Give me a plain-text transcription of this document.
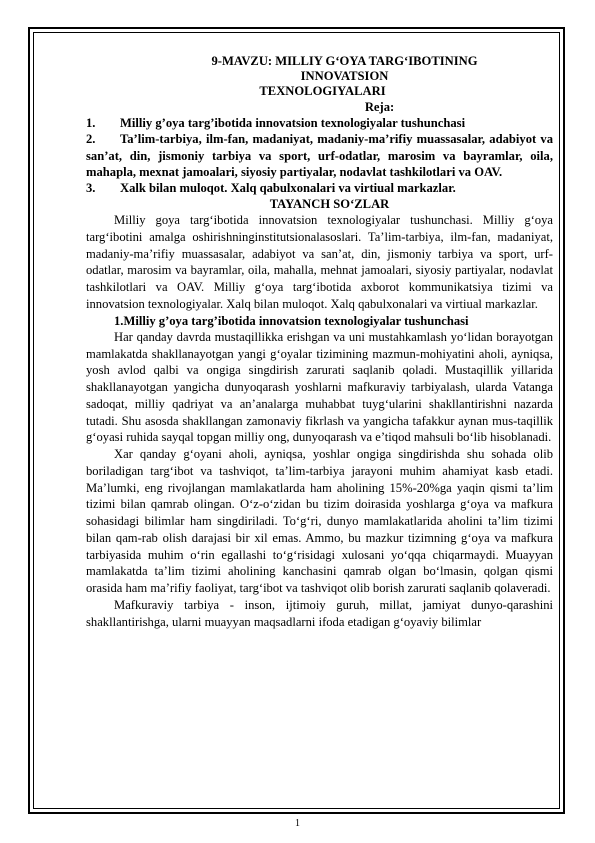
9-MAVZU: MILLIY G‘OYA TARG‘IBOTINING
INNOVATSION
TEXNOLOGIYALARI
Reja:
1.	Milliy g’oya targ’ibotida innovatsion texnologiyalar tushunchasi
2. Ta’lim-tarbiya, ilm-fan, madaniyat, madaniy-ma’rifiy muassasalar, adabiyot va san’at, din, jismoniy tarbiya va sport, urf-odatlar, marosim va bayramlar, oila, mahapla, mexnat jamoalari, siyosiy partiyalar, nodavlat tashkilotlari va OAV.
3.	Xalk bilan muloqot. Xalq qabulxonalari va virtiual markazlar.
TAYANCH SO‘ZLAR

Milliy goya targ‘ibotida innovatsion texnologiyalar tushunchasi. Milliy g‘oya targ‘ibotini amalga oshirishninginstitutsionalasoslari. Ta’lim-tarbiya, ilm-fan, madaniyat, madaniy-ma’rifiy muassasalar, adabiyot va san’at, din, jismoniy tarbiya va sport, urf-odatlar, marosim va bayramlar, oila, mahalla, mehnat jamoalari, siyosiy partiyalar, nodavlat tashkilotlari va OAV. Milliy g‘oya targ‘ibotida axborot kommunikatsiya tizimi va innovatsion texnologiyalar. Xalq bilan muloqot. Xalq qabulxonalari va virtiual markazlar.

1.Milliy g’oya targ’ibotida innovatsion texnologiyalar tushunchasi

Har qanday davrda mustaqillikka erishgan va uni mustahkamlash yo‘lidan borayotgan mamlakatda shakllanayotgan yangi g‘oyalar tizimining mazmun-mohiyatini aholi, ayniqsa, yosh avlod qalbi va ongiga singdirish zarurati saqlanib qoladi. Mustaqillik yillarida shakllanayotgan yangicha dunyoqarash yoshlarni mafkuraviy tarbiyalash, ularda Vatanga sadoqat, milliy qadriyat va an’analarga muhabbat tuyg‘ularini shakllantirishni nazarda tutadi. Shu asosda shakllangan zamonaviy fikrlash va yangicha tafakkur aynan mus-taqillik g‘oyasi ruhida sayqal topgan milliy ong, dunyoqarash va e’tiqod mahsuli bo‘lib hisoblanadi.

Xar qanday g‘oyani aholi, ayniqsa, yoshlar ongiga singdirishda shu sohada olib boriladigan targ‘ibot va tashviqot, ta’lim-tarbiya jarayoni muhim ahamiyat kasb etadi. Ma’lumki, eng rivojlangan mamlakatlarda ham aholining 15%-20%ga yaqin qismi ta’lim tizimi bilan qamrab olingan. O‘z-o‘zidan bu tizim doirasida yoshlarga g‘oya va mafkura sohasidagi bilimlar ham singdiriladi. To‘g‘ri, dunyo mamlakatlarida aholini ta’lim tizimi bilan qam-rab olish darajasi bir xil emas. Ammo, bu mazkur tizimning g‘oya va mafkura tarbiyasida muhim o‘rin egallashi to‘g‘risidagi xulosani yo‘qqa chiqarmaydi. Muayyan mamlakatda ta’lim tizimi aholining kanchasini qamrab olgan bo‘lmasin, qolgan qismi orasida ham ma’rifiy faoliyat, targ‘ibot va tashviqot olib borish zarurati saqlanib qolaveradi.

Mafkuraviy tarbiya - inson, ijtimoiy guruh, millat, jamiyat dunyo-qarashini shakllantirishga, ularni muayyan maqsadlarni ifoda etadigan g‘oyaviy bilimlar

1
